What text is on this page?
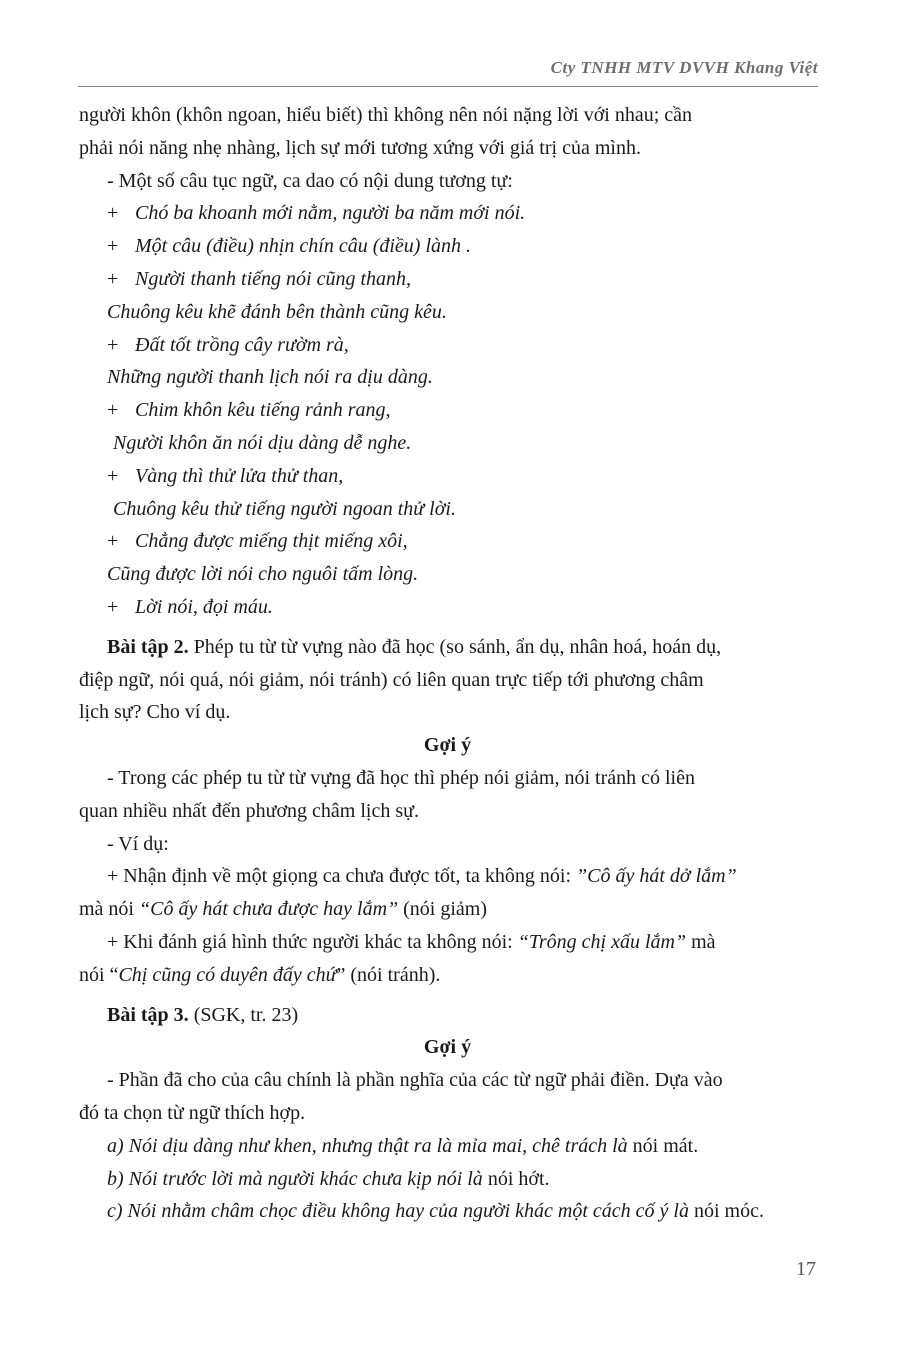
Cty TNHH MTV DVVH Khang Việt

người khôn (khôn ngoan, hiểu biết) thì không nên nói nặng lời với nhau; cần

phải nói năng nhẹ nhàng, lịch sự mới tương xứng với giá trị của mình.

- Một số câu tục ngữ, ca dao có nội dung tương tự:

+ Chó ba khoanh mới nằm, người ba năm mới nói.

+ Một câu (điều) nhịn chín câu (điều) lành .

+ Người thanh tiếng nói cũng thanh,

Chuông kêu khẽ đánh bên thành cũng kêu.

+ Đất tốt trồng cây rườm rà,

Những người thanh lịch nói ra dịu dàng.

+ Chim khôn kêu tiếng rảnh rang,

Người khôn ăn nói dịu dàng dễ nghe.

+ Vàng thì thử lửa thử than,

Chuông kêu thử tiếng người ngoan thử lời.

+ Chẳng được miếng thịt miếng xôi,

Cũng được lời nói cho nguôi tấm lòng.

+ Lời nói, đọi máu.

Bài tập 2. Phép tu từ từ vựng nào đã học (so sánh, ẩn dụ, nhân hoá, hoán dụ,

điệp ngữ, nói quá, nói giảm, nói tránh) có liên quan trực tiếp tới phương châm

lịch sự? Cho ví dụ.

Gợi ý

- Trong các phép tu từ từ vựng đã học thì phép nói giảm, nói tránh có liên

quan nhiều nhất đến phương châm lịch sự.

- Ví dụ:

+ Nhận định về một giọng ca chưa được tốt, ta không nói: ”Cô ấy hát dở lắm”

mà nói “Cô ấy hát chưa được hay lắm” (nói giảm)

+ Khi đánh giá hình thức người khác ta không nói: “Trông chị xấu lắm” mà

nói “Chị cũng có duyên đấy chứ” (nói tránh).

Bài tập 3. (SGK, tr. 23)

Gợi ý

- Phần đã cho của câu chính là phần nghĩa của các từ ngữ phải điền. Dựa vào

đó ta chọn từ ngữ thích hợp.

a) Nói dịu dàng như khen, nhưng thật ra là mỉa mai, chê trách là nói mát.

b) Nói trước lời mà người khác chưa kịp nói là nói hớt.

c) Nói nhằm châm chọc điều không hay của người khác một cách cố ý là nói móc.

17
